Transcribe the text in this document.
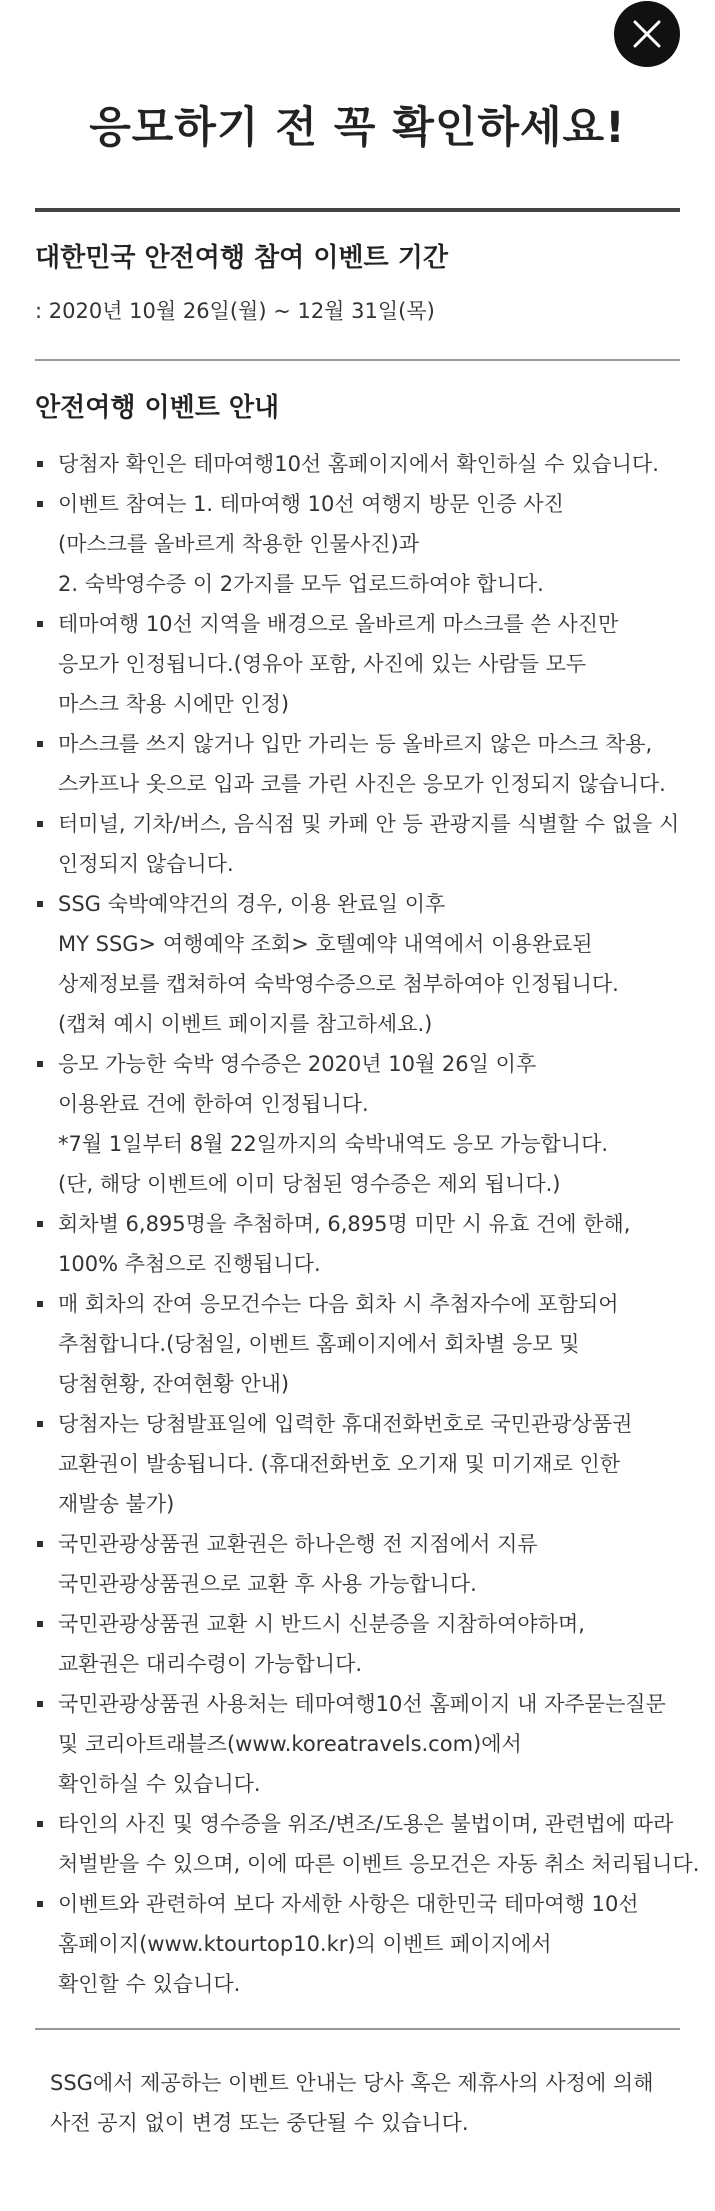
응모하기 전 꼭 확인하세요!
대한민국 안전여행 참여 이벤트 기간

: 2020년 10월 26일(월) ~ 12월 31일(목)

안전여행 이벤트 안내
당첨자 확인은 테마여행10선 홈페이지에서 확인하실 수 있습니다.
이벤트 참여는 1. 테마여행 10선 여행지 방문 인증 사진
(마스크를 올바르게 착용한 인물사진)과
2. 숙박영수증 이 2가지를 모두 업로드하여야 합니다.
테마여행 10선 지역을 배경으로 올바르게 마스크를 쓴 사진만
응모가 인정됩니다.(영유아 포함, 사진에 있는 사람들 모두
마스크 착용 시에만 인정)
마스크를 쓰지 않거나 입만 가리는 등 올바르지 않은 마스크 착용,
스카프나 옷으로 입과 코를 가린 사진은 응모가 인정되지 않습니다.
터미널, 기차/버스, 음식점 및 카페 안 등 관광지를 식별할 수 없을 시
인정되지 않습니다.
SSG 숙박예약건의 경우, 이용 완료일 이후
MY SSG> 여행예약 조회> 호텔예약 내역에서 이용완료된
상제정보를 캡쳐하여 숙박영수증으로 첨부하여야 인정됩니다.
(캡쳐 예시 이벤트 페이지를 참고하세요.)
응모 가능한 숙박 영수증은 2020년 10월 26일 이후
이용완료 건에 한하여 인정됩니다.
*7월 1일부터 8월 22일까지의 숙박내역도 응모 가능합니다.
(단, 해당 이벤트에 이미 당첨된 영수증은 제외 됩니다.)
회차별 6,895명을 추첨하며, 6,895명 미만 시 유효 건에 한해,
100% 추첨으로 진행됩니다.
매 회차의 잔여 응모건수는 다음 회차 시 추첨자수에 포함되어
추첨합니다.(당첨일, 이벤트 홈페이지에서 회차별 응모 및
당첨현황, 잔여현황 안내)
당첨자는 당첨발표일에 입력한 휴대전화번호로 국민관광상품권
교환권이 발송됩니다. (휴대전화번호 오기재 및 미기재로 인한
재발송 불가)
국민관광상품권 교환권은 하나은행 전 지점에서 지류
국민관광상품권으로 교환 후 사용 가능합니다.
국민관광상품권 교환 시 반드시 신분증을 지참하여야하며,
교환권은 대리수령이 가능합니다.
국민관광상품권 사용처는 테마여행10선 홈페이지 내 자주묻는질문
및 코리아트래블즈(www.koreatravels.com)에서
확인하실 수 있습니다.
타인의 사진 및 영수증을 위조/변조/도용은 불법이며, 관련법에 따라
처벌받을 수 있으며, 이에 따른 이벤트 응모건은 자동 취소 처리됩니다.
이벤트와 관련하여 보다 자세한 사항은 대한민국 테마여행 10선
홈페이지(www.ktourtop10.kr)의 이벤트 페이지에서
확인할 수 있습니다.
SSG에서 제공하는 이벤트 안내는 당사 혹은 제휴사의 사정에 의해
사전 공지 없이 변경 또는 중단될 수 있습니다.
